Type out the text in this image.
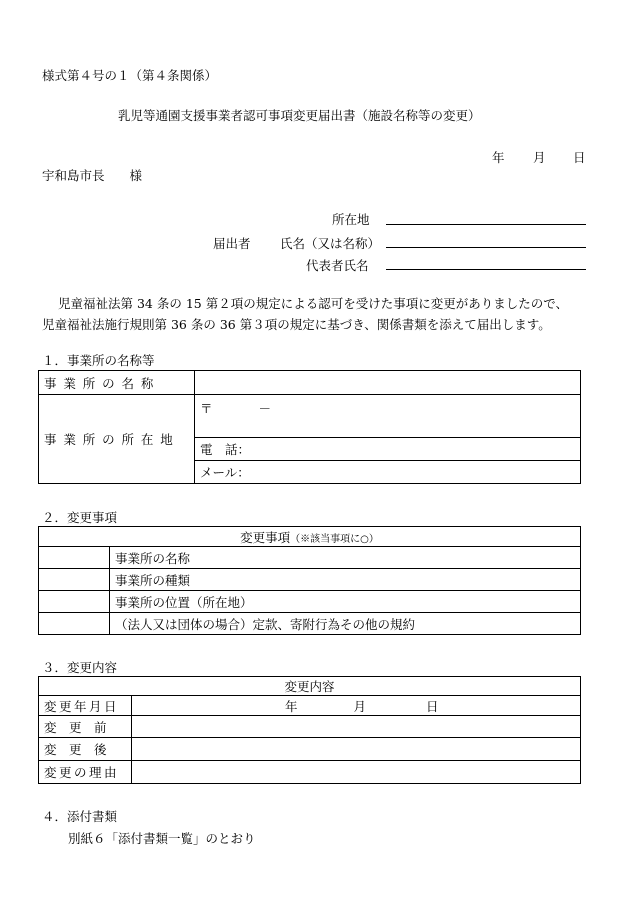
様式第４号の１（第４条関係）
乳児等通園支援事業者認可事項変更届出書（施設名称等の変更）
年 月 日
宇和島市長　　様
所在地
届出者 氏名（又は名称）
代表者氏名
児童福祉法第 34 条の 15 第２項の規定による認可を受けた事項に変更がありましたので、
児童福祉法施行規則第 36 条の 36 第３項の規定に基づき、関係書類を添えて届出します。
１．事業所の名称等
事業所の名称	
事業所の所在地	〒 －
	電　話：
	メール：
２．変更事項
変更事項（※該当事項に○）	
	事業所の名称
	事業所の種類
	事業所の位置（所在地）
	（法人又は団体の場合）定款、寄附行為その他の規約
３．変更内容
変更内容	
変更年月日	年 月 日
変　更　前	
変　更　後	
変更の理由	
４．添付書類
別紙６「添付書類一覧」のとおり
